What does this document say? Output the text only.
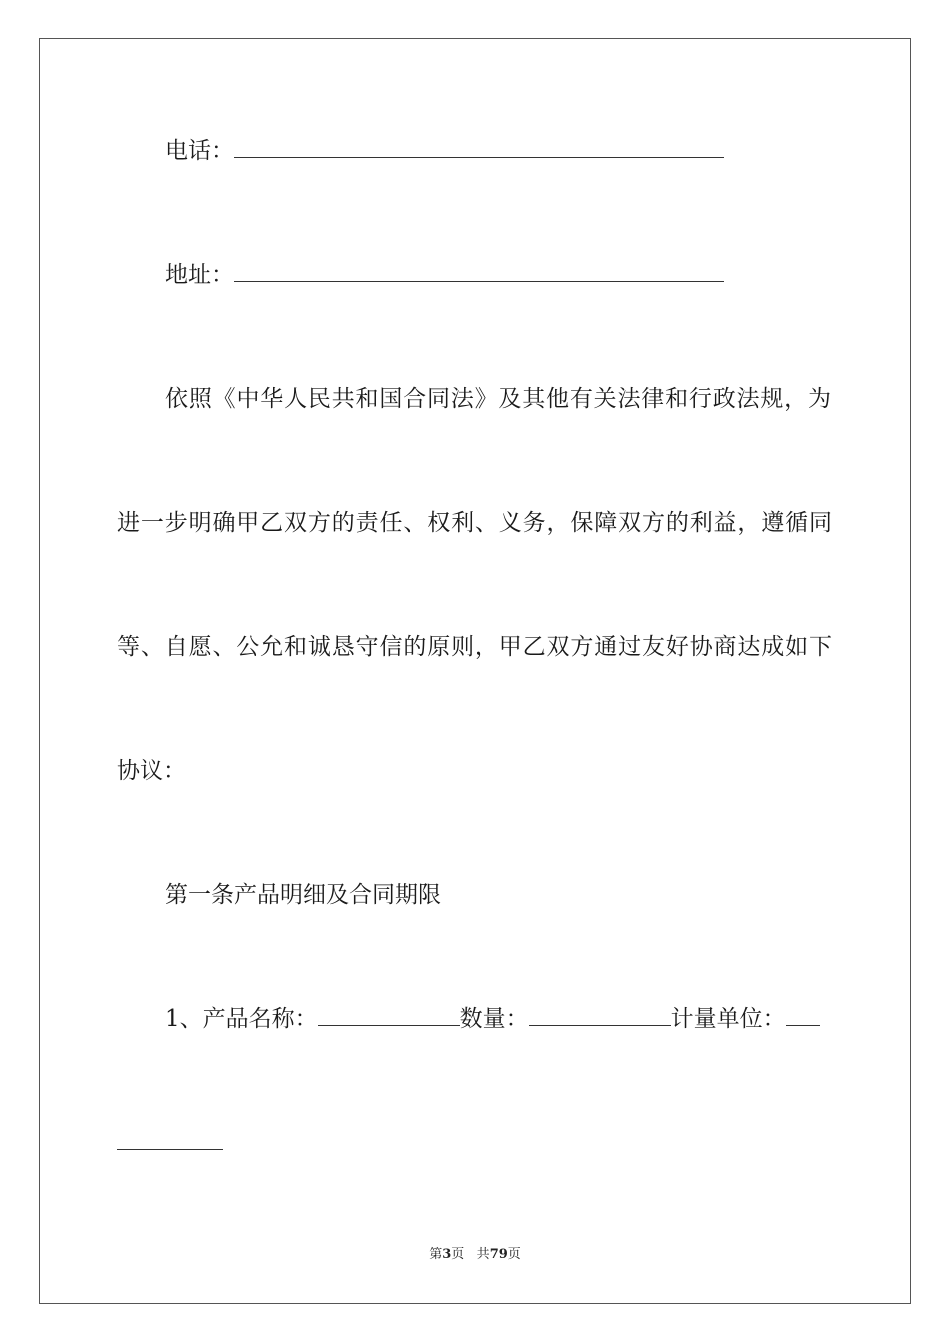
电话：
地址：
依照《中华人民共和国合同法》及其他有关法律和行政法规，为
进一步明确甲乙双方的责任、权利、义务，保障双方的利益，遵循同
等、自愿、公允和诚恳守信的原则，甲乙双方通过友好协商达成如下
协议：
第一条产品明细及合同期限
1、产品名称：	数量：	计量单位：
第3页 共79页
